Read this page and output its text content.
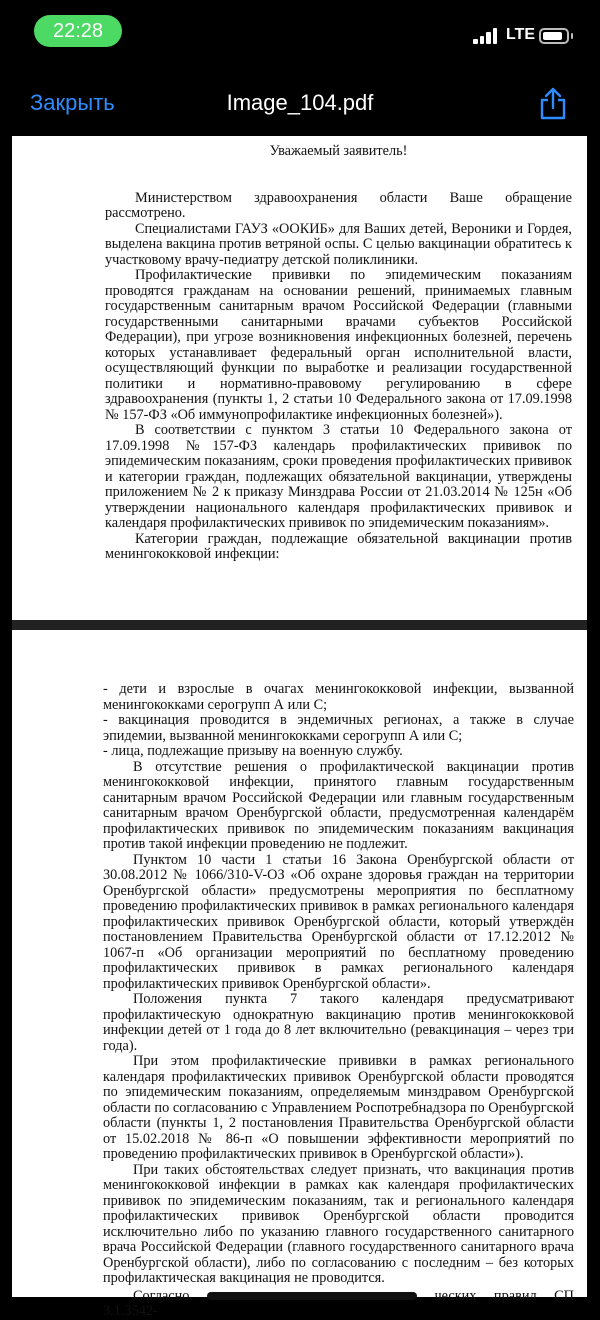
22:28	LTE
Image_104.pdf
Закрыть

Уважаемый заявитель!

Министерством здравоохранения области Ваше обращение рассмотрено.

Специалистами ГАУЗ «ООКИБ» для Ваших детей, Вероники и Гордея, выделена вакцина против ветряной оспы. С целью вакцинации обратитесь к участковому врачу-педиатру детской поликлиники.

Профилактические прививки по эпидемическим показаниям проводятся гражданам на основании решений, принимаемых главным государственным санитарным врачом Российской Федерации (главными государственными санитарными врачами субъектов Российской Федерации), при угрозе возникновения инфекционных болезней, перечень которых устанавливает федеральный орган исполнительной власти, осуществляющий функции по выработке и реализации государственной политики и нормативно-правовому регулированию в сфере здравоохранения (пункты 1, 2 статьи 10 Федерального закона от 17.09.1998 № 157-ФЗ «Об иммунопрофилактике инфекционных болезней»).

В соответствии с пунктом 3 статьи 10 Федерального закона от 17.09.1998 №157-ФЗ календарь профилактических прививок по эпидемическим показаниям, сроки проведения профилактических прививок и категории граждан, подлежащих обязательной вакцинации, утверждены приложением № 2 к приказу Минздрава России от 21.03.2014 № 125н «Об утверждении национального календаря профилактических прививок и календаря профилактических прививок по эпидемическим показаниям».

Категории граждан, подлежащие обязательной вакцинации против менингококковой инфекции:

- дети и взрослые в очагах менингококковой инфекции, вызванной менингококками серогрупп А или С;

- вакцинация проводится в эндемичных регионах, а также в случае эпидемии, вызванной менингококками серогрупп А или С;

- лица, подлежащие призыву на военную службу.

В отсутствие решения о профилактической вакцинации против менингококковой инфекции, принятого главным государственным санитарным врачом Российской Федерации или главным государственным санитарным врачом Оренбургской области, предусмотренная календарём профилактических прививок по эпидемическим показаниям вакцинация против такой инфекции проведению не подлежит.

Пунктом 10 части 1 статьи 16 Закона Оренбургской области от 30.08.2012 № 1066/310-V-ОЗ «Об охране здоровья граждан на территории Оренбургской области» предусмотрены мероприятия по бесплатному проведению профилактических прививок в рамках регионального календаря профилактических прививок Оренбургской области, который утверждён постановлением Правительства Оренбургской области от 17.12.2012 № 1067-п «Об организации мероприятий по бесплатному проведению профилактических прививок в рамках регионального календаря профилактических прививок Оренбургской области».

Положения пункта 7 такого календаря предусматривают профилактическую однократную вакцинацию против менингококковой инфекции детей от 1 года до 8 лет включительно (ревакцинация – через три года).

При этом профилактические прививки в рамках регионального календаря профилактических прививок Оренбургской области проводятся по эпидемическим показаниям, определяемым минздравом Оренбургской области по согласованию с Управлением Роспотребнадзора по Оренбургской области (пункты 1, 2 постановления Правительства Оренбургской области от 15.02.2018 № 86-п «О повышении эффективности мероприятий по проведению профилактических прививок в Оренбургской области»).

При таких обстоятельствах следует признать, что вакцинация против менингококковой инфекции в рамках как календаря профилактических прививок по эпидемическим показаниям, так и регионального календаря профилактических прививок Оренбургской области проводится исключительно либо по указанию главного государственного санитарного врача Российской Федерации (главного государственного санитарного врача Оренбургской области), либо по согласованию с последним – без которых профилактическая вакцинация не проводится.

Согласно	ческих правил СП 3.1.3542-
